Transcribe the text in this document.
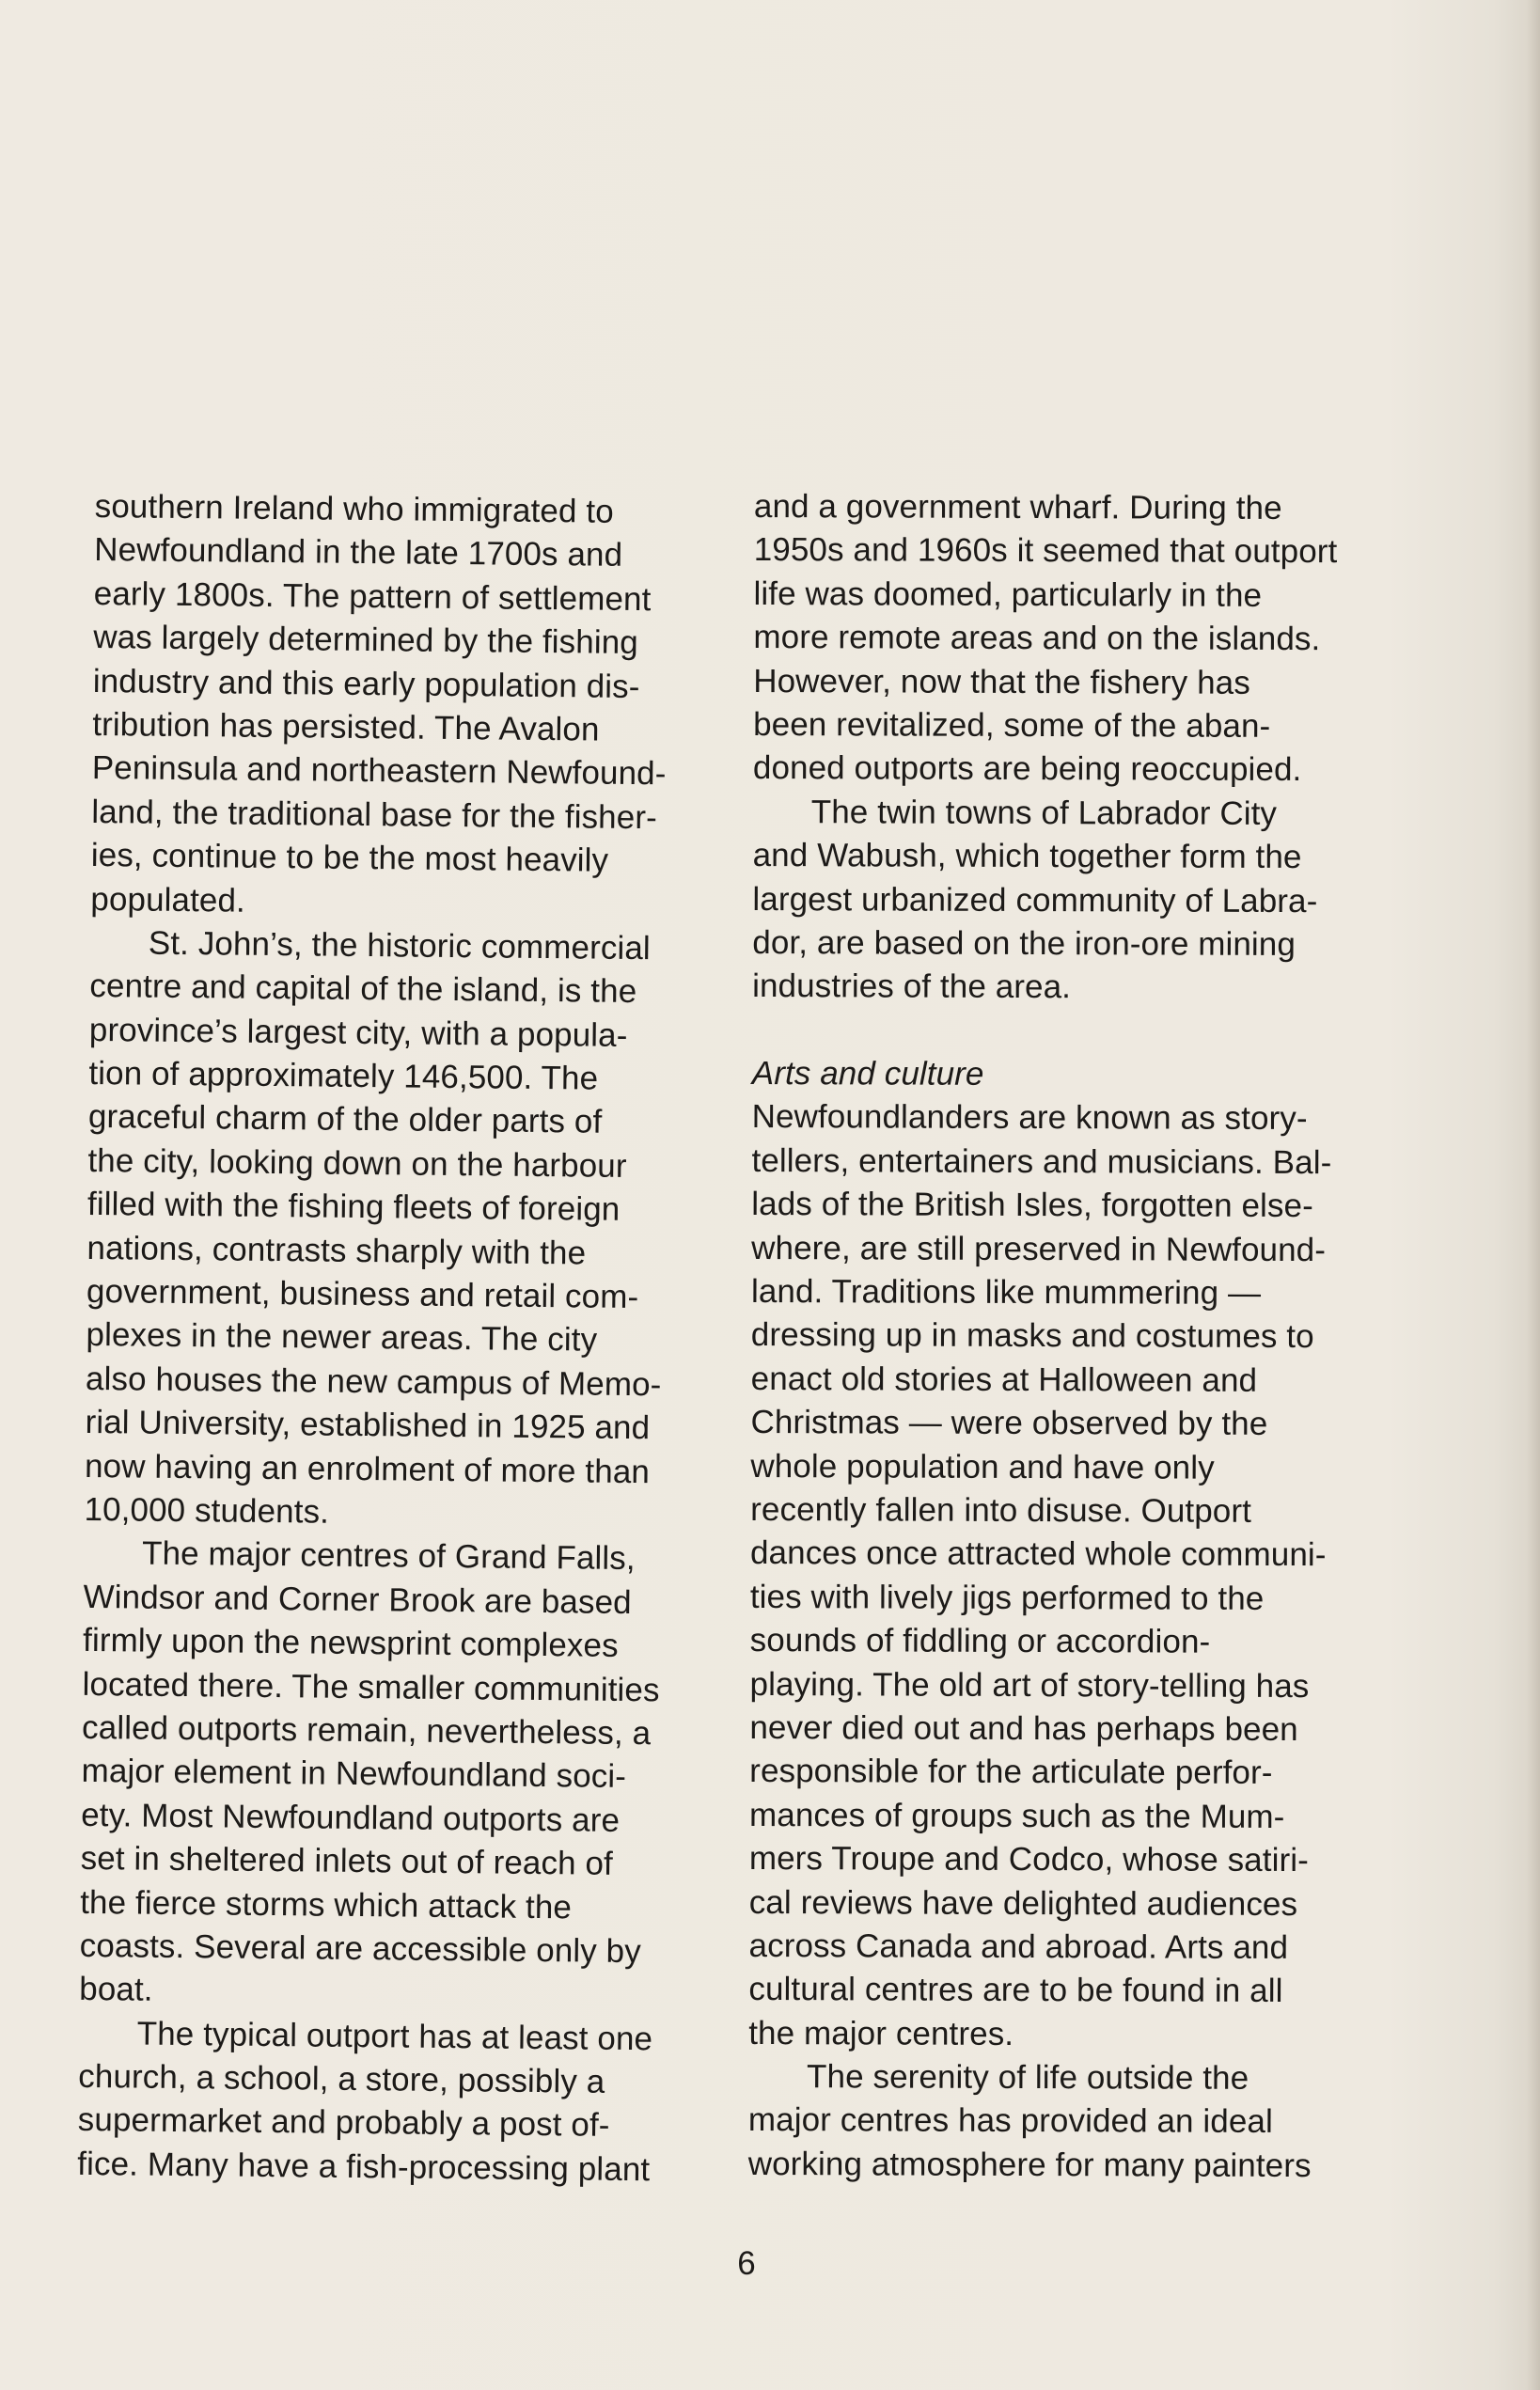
southern Ireland who immigrated to
Newfoundland in the late 1700s and
early 1800s. The pattern of settlement
was largely determined by the fishing
industry and this early population dis-
tribution has persisted. The Avalon
Peninsula and northeastern Newfound-
land, the traditional base for the fisher-
ies, continue to be the most heavily
populated.
St. John’s, the historic commercial
centre and capital of the island, is the
province’s largest city, with a popula-
tion of approximately 146,500. The
graceful charm of the older parts of
the city, looking down on the harbour
filled with the fishing fleets of foreign
nations, contrasts sharply with the
government, business and retail com-
plexes in the newer areas. The city
also houses the new campus of Memo-
rial University, established in 1925 and
now having an enrolment of more than
10,000 students.
The major centres of Grand Falls,
Windsor and Corner Brook are based
firmly upon the newsprint complexes
located there. The smaller communities
called outports remain, nevertheless, a
major element in Newfoundland soci-
ety. Most Newfoundland outports are
set in sheltered inlets out of reach of
the fierce storms which attack the
coasts. Several are accessible only by
boat.
The typical outport has at least one
church, a school, a store, possibly a
supermarket and probably a post of-
fice. Many have a fish-processing plant
and a government wharf. During the
1950s and 1960s it seemed that outport
life was doomed, particularly in the
more remote areas and on the islands.
However, now that the fishery has
been revitalized, some of the aban-
doned outports are being reoccupied.
The twin towns of Labrador City
and Wabush, which together form the
largest urbanized community of Labra-
dor, are based on the iron-ore mining
industries of the area.
Arts and culture
Newfoundlanders are known as story-
tellers, entertainers and musicians. Bal-
lads of the British Isles, forgotten else-
where, are still preserved in Newfound-
land. Traditions like mummering —
dressing up in masks and costumes to
enact old stories at Halloween and
Christmas — were observed by the
whole population and have only
recently fallen into disuse. Outport
dances once attracted whole communi-
ties with lively jigs performed to the
sounds of fiddling or accordion-
playing. The old art of story-telling has
never died out and has perhaps been
responsible for the articulate perfor-
mances of groups such as the Mum-
mers Troupe and Codco, whose satiri-
cal reviews have delighted audiences
across Canada and abroad. Arts and
cultural centres are to be found in all
the major centres.
The serenity of life outside the
major centres has provided an ideal
working atmosphere for many painters
6
